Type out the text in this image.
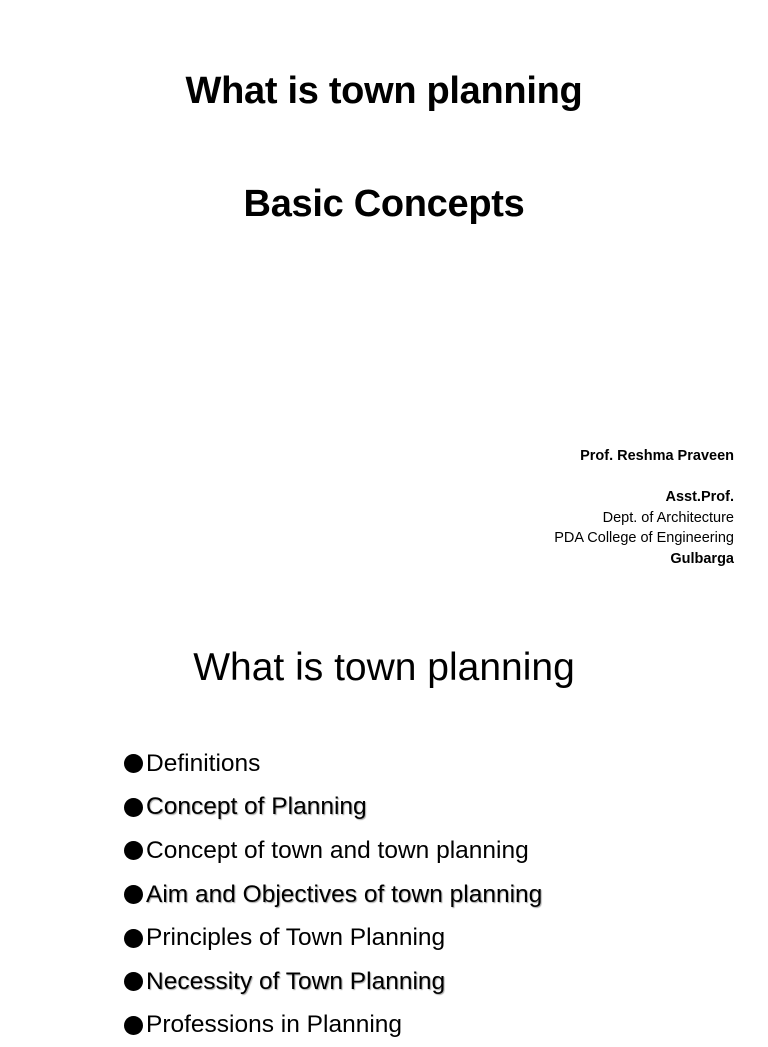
What is town planning
Basic Concepts
Prof. Reshma Praveen
Asst.Prof.
Dept. of Architecture
PDA College of Engineering
Gulbarga
What is town planning
Definitions
Concept of Planning
Concept of town and town planning
Aim and Objectives of town planning
Principles of Town Planning
Necessity of Town Planning
Professions in Planning
